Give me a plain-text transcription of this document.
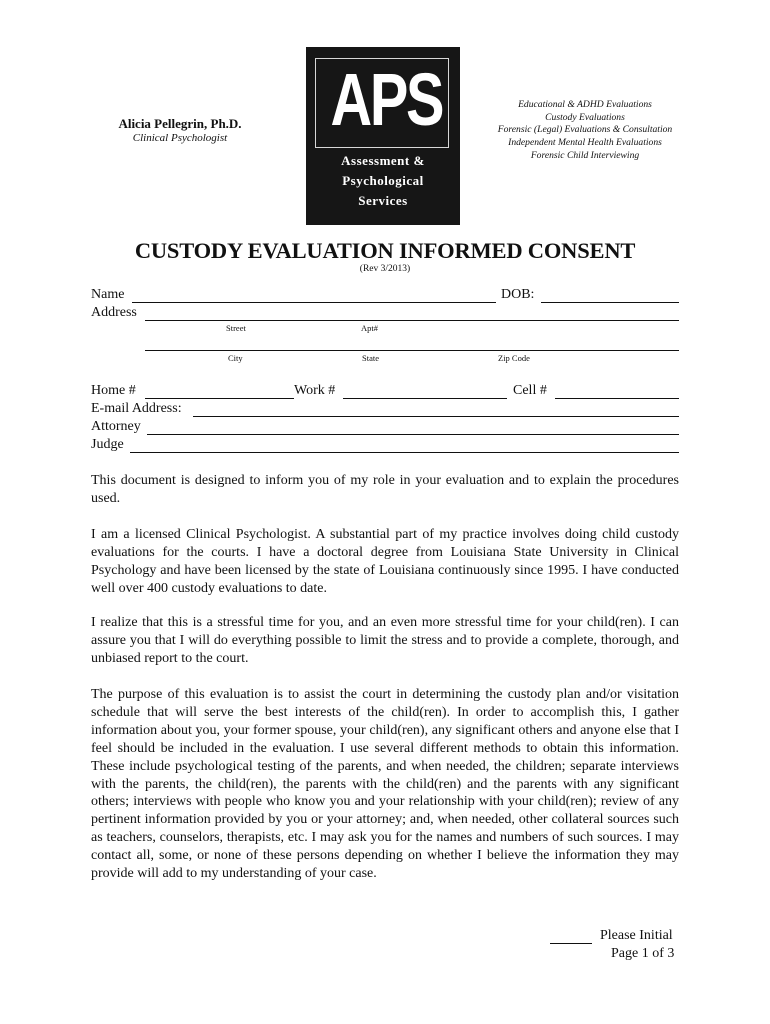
Alicia Pellegrin, Ph.D.
Clinical Psychologist	APS
Assessment &
Psychological
Services
Educational & ADHD Evaluations
Custody Evaluations
Forensic (Legal) Evaluations & Consultation
Independent Mental Health Evaluations
Forensic Child Interviewing
CUSTODY EVALUATION INFORMED CONSENT
(Rev 3/2013)
Name	DOB:
Address
Street	Apt#
City	State	Zip Code
Home #	Work #	Cell #
E-mail Address:
Attorney
Judge
This document is designed to inform you of my role in your evaluation and to explain the procedures used.
I am a licensed Clinical Psychologist. A substantial part of my practice involves doing child custody evaluations for the courts. I have a doctoral degree from Louisiana State University in Clinical Psychology and have been licensed by the state of Louisiana continuously since 1995. I have conducted well over 400 custody evaluations to date.
I realize that this is a stressful time for you, and an even more stressful time for your child(ren). I can assure you that I will do everything possible to limit the stress and to provide a complete, thorough, and unbiased report to the court.
The purpose of this evaluation is to assist the court in determining the custody plan and/or visitation schedule that will serve the best interests of the child(ren). In order to accomplish this, I gather information about you, your former spouse, your child(ren), any significant others and anyone else that I feel should be included in the evaluation. I use several different methods to obtain this information. These include psychological testing of the parents, and when needed, the children; separate interviews with the parents, the child(ren), the parents with the child(ren) and the parents with any significant others; interviews with people who know you and your relationship with your child(ren); review of any pertinent information provided by you or your attorney; and, when needed, other collateral sources such as teachers, counselors, therapists, etc. I may ask you for the names and numbers of such sources. I may contact all, some, or none of these persons depending on whether I believe the information they may provide will add to my understanding of your case.
Please Initial
Page 1 of 3
